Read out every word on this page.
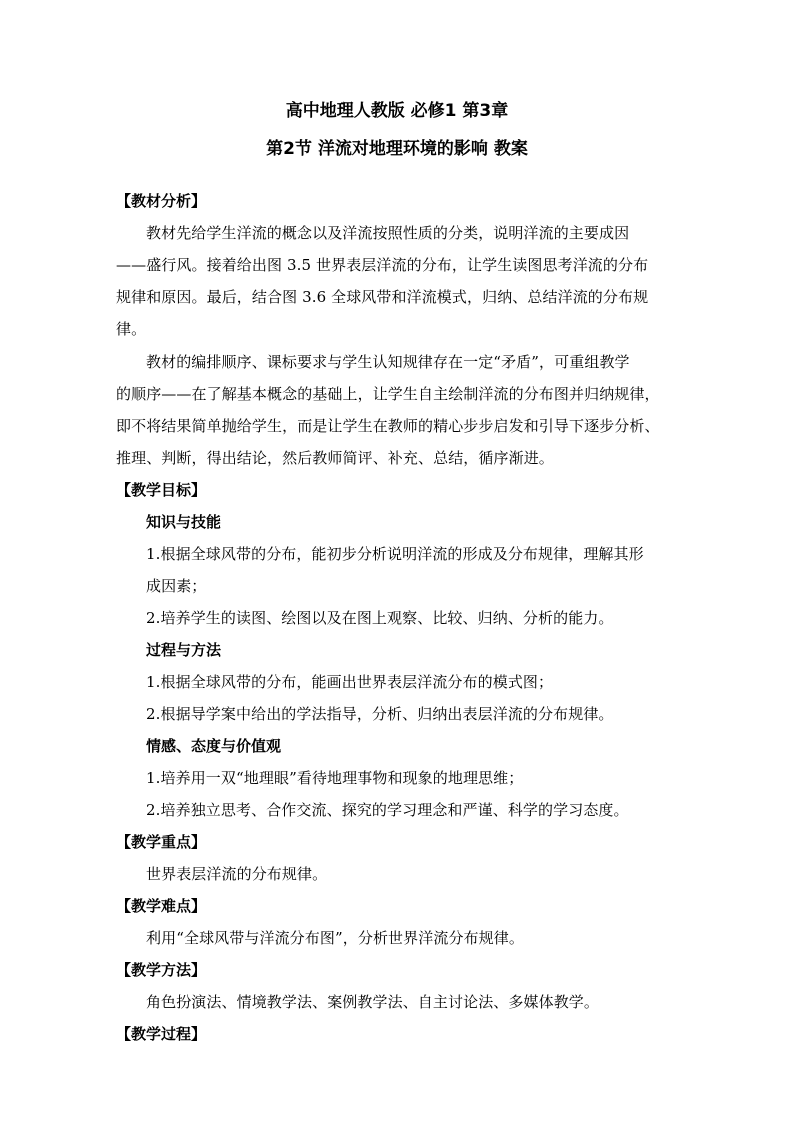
高中地理人教版 必修1 第3章
第2节 洋流对地理环境的影响 教案
【教材分析】
教材先给学生洋流的概念以及洋流按照性质的分类，说明洋流的主要成因
——盛行风。接着给出图 3.5 世界表层洋流的分布，让学生读图思考洋流的分布
规律和原因。最后，结合图 3.6 全球风带和洋流模式，归纳、总结洋流的分布规
律。
教材的编排顺序、课标要求与学生认知规律存在一定“矛盾”，可重组教学
的顺序——在了解基本概念的基础上，让学生自主绘制洋流的分布图并归纳规律，
即不将结果简单抛给学生，而是让学生在教师的精心步步启发和引导下逐步分析、
推理、判断，得出结论，然后教师简评、补充、总结，循序渐进。
【教学目标】
知识与技能
1.根据全球风带的分布，能初步分析说明洋流的形成及分布规律，理解其形
成因素；
2.培养学生的读图、绘图以及在图上观察、比较、归纳、分析的能力。
过程与方法
1.根据全球风带的分布，能画出世界表层洋流分布的模式图；
2.根据导学案中给出的学法指导，分析、归纳出表层洋流的分布规律。
情感、态度与价值观
1.培养用一双“地理眼”看待地理事物和现象的地理思维；
2.培养独立思考、合作交流、探究的学习理念和严谨、科学的学习态度。
【教学重点】
世界表层洋流的分布规律。
【教学难点】
利用“全球风带与洋流分布图”，分析世界洋流分布规律。
【教学方法】
角色扮演法、情境教学法、案例教学法、自主讨论法、多媒体教学。
【教学过程】
